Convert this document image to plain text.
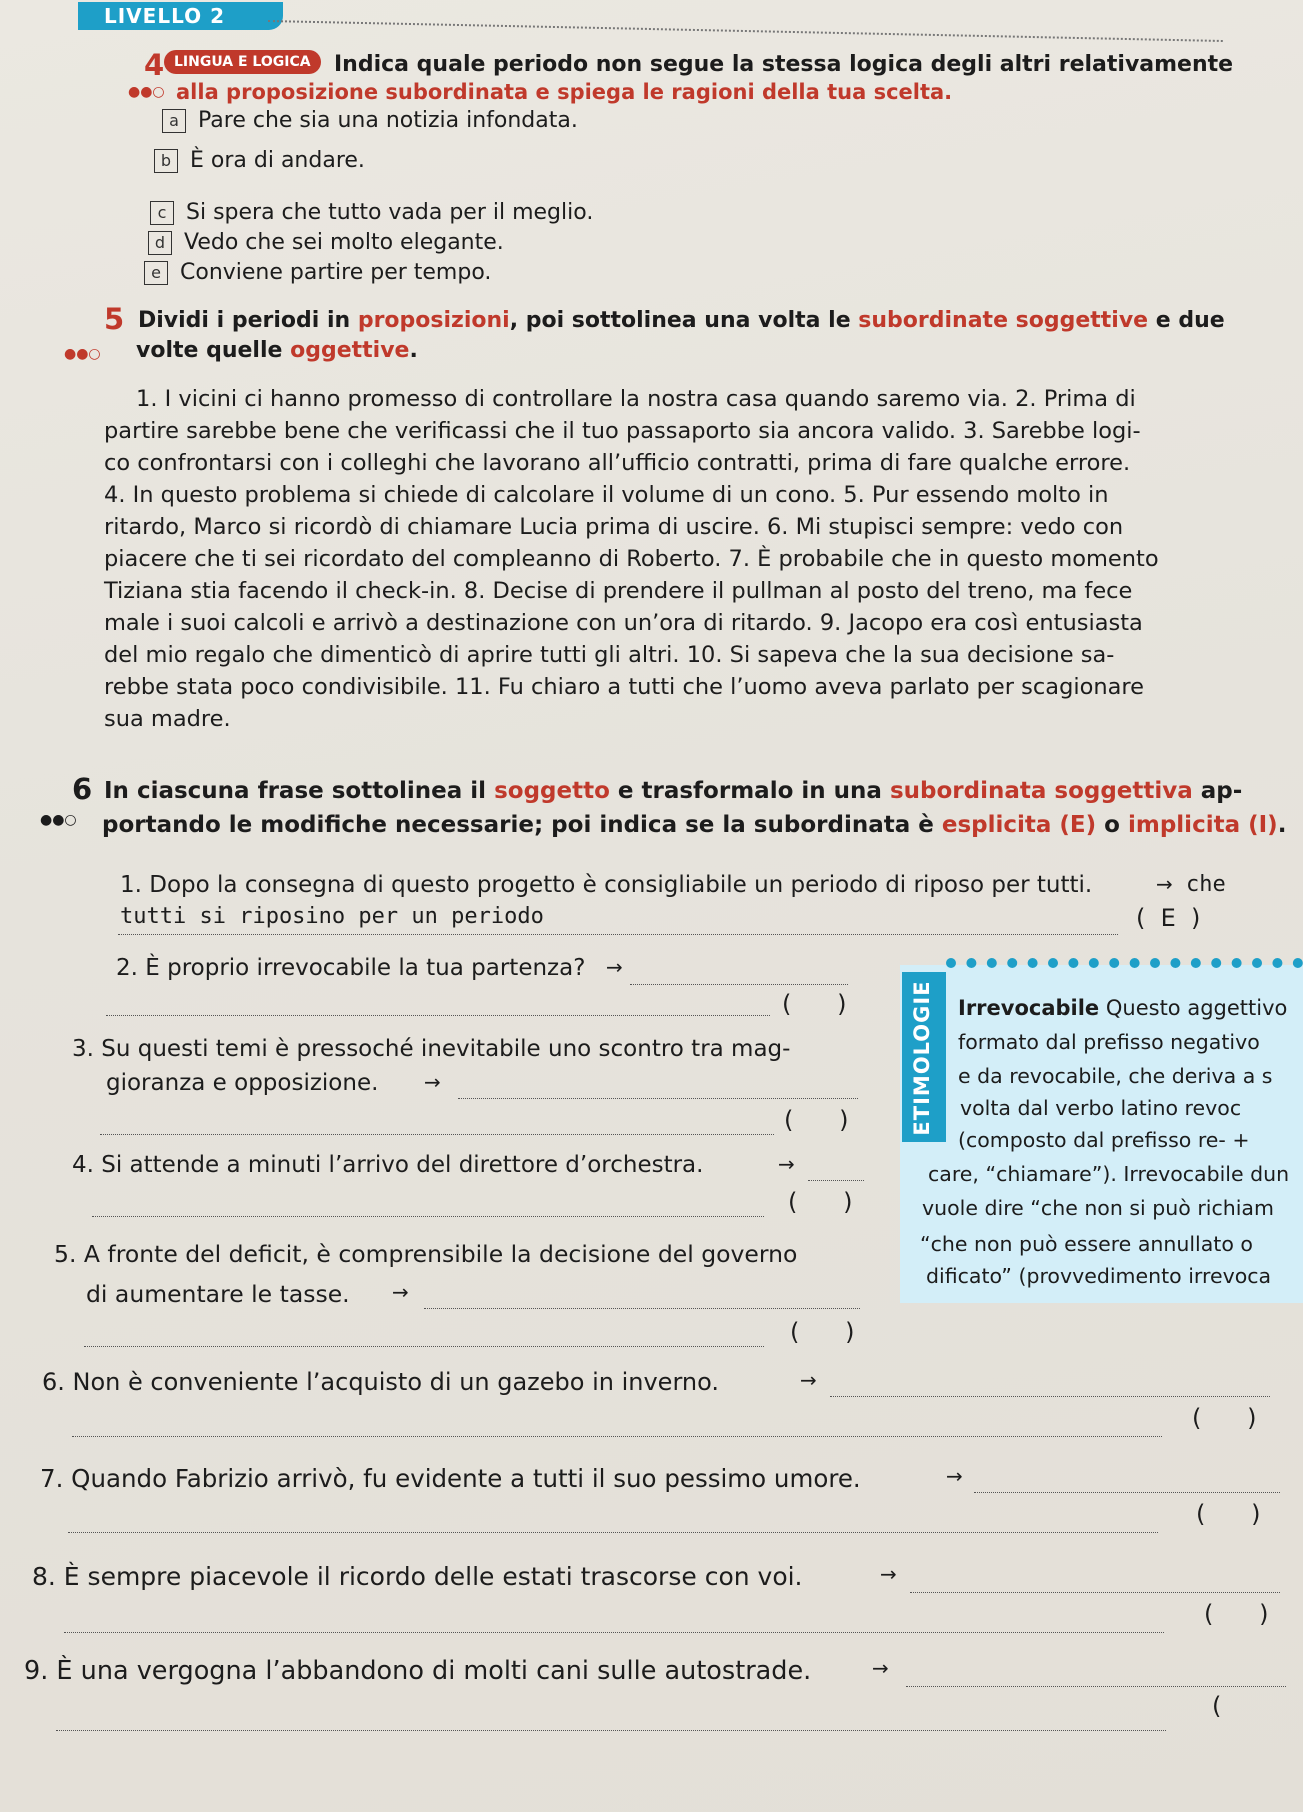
LIVELLO 2
4
●●○
LINGUA E LOGICA	Indica quale periodo non segue la stessa logica degli altri relativamente
alla proposizione subordinata e spiega le ragioni della tua scelta.
a Pare che sia una notizia infondata.
b È ora di andare.
c Si spera che tutto vada per il meglio.
d Vedo che sei molto elegante.
e Conviene partire per tempo.
5
●●○
Dividi i periodi in proposizioni, poi sottolinea una volta le subordinate soggettive e due
volte quelle oggettive.
1. I vicini ci hanno promesso di controllare la nostra casa quando saremo via. 2. Prima di
partire sarebbe bene che verificassi che il tuo passaporto sia ancora valido. 3. Sarebbe logi-
co confrontarsi con i colleghi che lavorano all’ufficio contratti, prima di fare qualche errore.
4. In questo problema si chiede di calcolare il volume di un cono. 5. Pur essendo molto in
ritardo, Marco si ricordò di chiamare Lucia prima di uscire. 6. Mi stupisci sempre: vedo con
piacere che ti sei ricordato del compleanno di Roberto. 7. È probabile che in questo momento
Tiziana stia facendo il check-in. 8. Decise di prendere il pullman al posto del treno, ma fece
male i suoi calcoli e arrivò a destinazione con un’ora di ritardo. 9. Jacopo era così entusiasta
del mio regalo che dimenticò di aprire tutti gli altri. 10. Si sapeva che la sua decisione sa-
rebbe stata poco condivisibile. 11. Fu chiaro a tutti che l’uomo aveva parlato per scagionare
sua madre.
6
●●○
In ciascuna frase sottolinea il soggetto e trasformalo in una subordinata soggettiva ap-
portando le modifiche necessarie; poi indica se la subordinata è esplicita (E) o implicita (I).
1. Dopo la consegna di questo progetto è consigliabile un periodo di riposo per tutti.	→ che
tutti si riposino per un periodo	(  E  )
2. È proprio irrevocabile la tua partenza? →
(      )
3. Su questi temi è pressoché inevitabile uno scontro tra mag-
gioranza e opposizione. →
(      )
4. Si attende a minuti l’arrivo del direttore d’orchestra.	→
(      )
5. A fronte del deficit, è comprensibile la decisione del governo
di aumentare le tasse. →
(      )
6. Non è conveniente l’acquisto di un gazebo in inverno.	→
(      )
7. Quando Fabrizio arrivò, fu evidente a tutti il suo pessimo umore.	→
(      )
8. È sempre piacevole il ricordo delle estati trascorse con voi.	→
(      )
9. È una vergogna l’abbandono di molti cani sulle autostrade.	→
(
ETIMOLOGIE Irrevocabile Questo aggettivo
formato dal prefisso negativo
e da revocabile, che deriva a s
volta dal verbo latino revoc
(composto dal prefisso re- +
care, “chiamare”). Irrevocabile dun
vuole dire “che non si può richiam
“che non può essere annullato o
dificato” (provvedimento irrevoca
